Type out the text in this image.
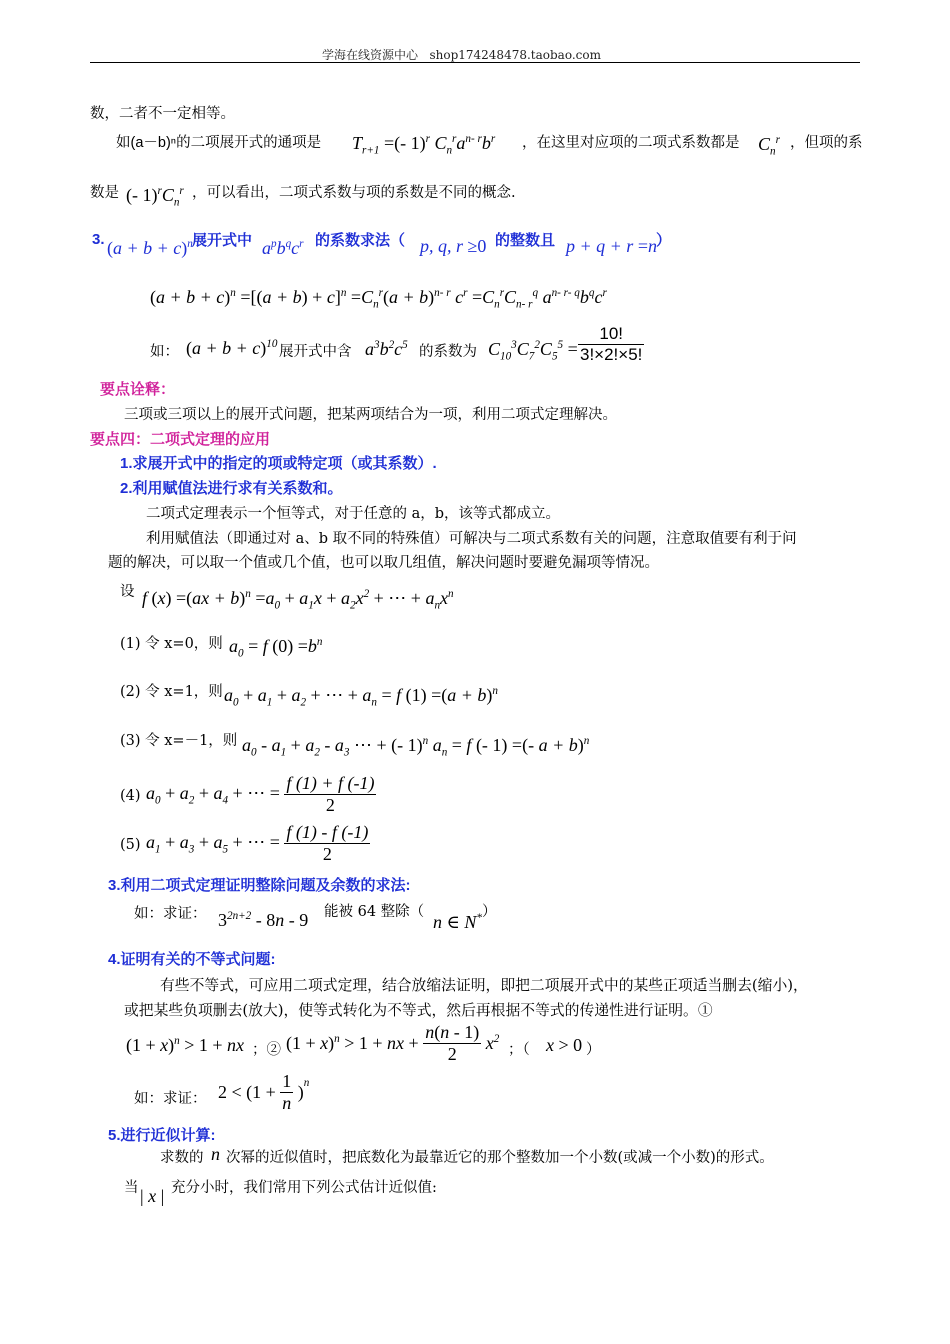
学海在线资源中心 shop174248478.taobao.com
数，二者不一定相等。
如(a－b)ⁿ的二项展开式的通项是 $T_{r+1}$ =(- 1)$^r$ $C_n^ra^{n- r}b^r$ ，在这里对应项的二项式系数都是 $C_n^r$ ，但项的系
数是 (- $1)^rC_n^r$ ，可以看出，二项式系数与项的系数是不同的概念.
3. $(a + b + c)^n$ 展开式中 $a^pb^qc^r$ 的系数求法（ p, q, r ≥0 的整数且 p + q + r =n ）
$(a + b + c)^n =[(a + b) + c]^n =C_n^r(a + b)^{n- r}$ $c^r =C_n^rC_{n- r}^q$ $a^{n- r- q}b^qc^r$
如： $(a + b + c)^{10}$ 展开式中含 $a^3b^2c^5$ 的系数为 $C_{10}^3C_7^2C_5^5 = \frac{10!}{3!\times 2!\times 5!}$
要点诠释：
三项或三项以上的展开式问题，把某两项结合为一项，利用二项式定理解决。
要点四：二项式定理的应用
1.求展开式中的指定的项或特定项（或其系数）.
2.利用赋值法进行求有关系数和。
二项式定理表示一个恒等式，对于任意的 a，b，该等式都成立。
利用赋值法（即通过对 a、b 取不同的特殊值）可解决与二项式系数有关的问题，注意取值要有利于问
题的解决，可以取一个值或几个值，也可以取几组值，解决问题时要避免漏项等情况。
设 f $(x) =(ax + b)^n =a_0 + a_1x + a_2x^2$ + ⋯ + $a_nx^n$
(1) 令 x=0，则 $a_0 = f$ $(0) =b^n$
(2) 令 x=1，则 $a_0 + a_1 + a_2$ + ⋯ + $a_n = f$ $(1) =(a + b)^n$
(3) 令 x=－1，则 $a_0 - a_1 + a_2 - a_3$ ⋯ + (- 1)$^n$ $a_n = f$ (- 1) =(- a + b)$^n$
(4) $a_0 + a_2 + a_4$ + ⋯ = $\frac{f (1) + f (-1)}{2}$
(5) $a_1 + a_3 + a_5$ + ⋯ = $\frac{f (1) - f (-1)}{2}$
3.利用二项式定理证明整除问题及余数的求法:
如：求证： $3^{2n+2} - 8n - 9$ 能被 64 整除（ n ∈ N* ）
4.证明有关的不等式问题:
有些不等式，可应用二项式定理，结合放缩法证明，即把二项展开式中的某些正项适当删去(缩小)，
或把某些负项删去(放大)，使等式转化为不等式，然后再根据不等式的传递性进行证明。①
$(1 + x)^n > 1$ + nx ；② $(1 + x)^n > 1$ + nx + $\frac{n(n - 1)}{2} x^2$
；（ x > 0 ）
如：求证： $2 < (1 + \frac{1}{n} )^n$
5.进行近似计算:
求数的 n 次幂的近似值时，把底数化为最靠近它的那个整数加一个小数(或减一个小数)的形式。
当 | x | 充分小时，我们常用下列公式估计近似值:
